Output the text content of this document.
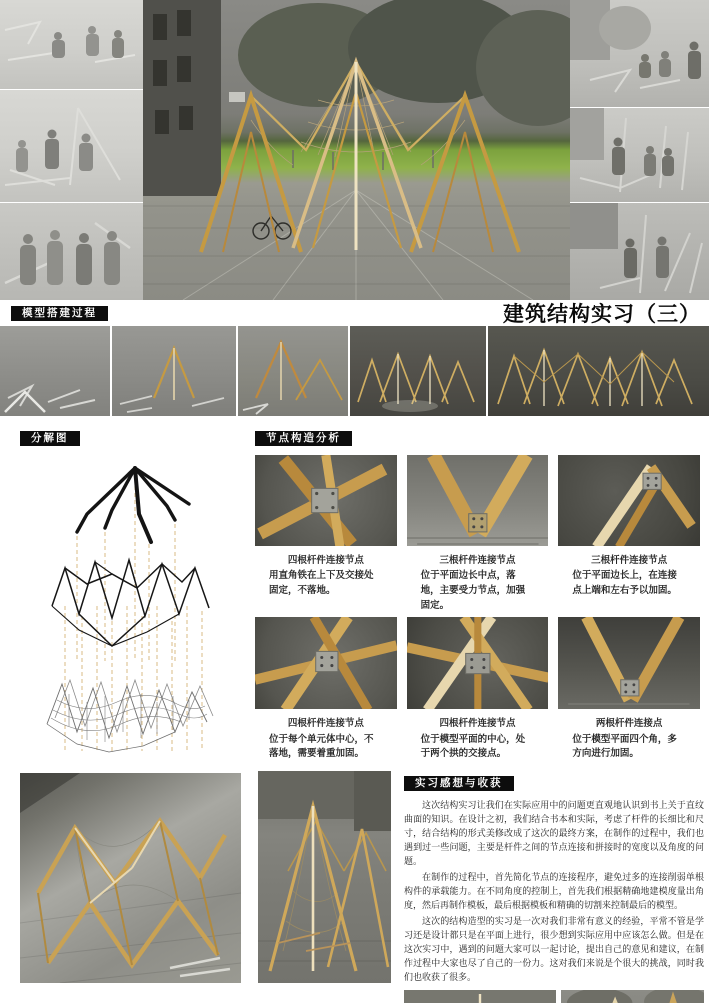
模型搭建过程	建筑结构实习（三）
分解图	节点构造分析
四根杆件连接节点
用直角铁在上下及交接处固定，不落地。
三根杆件连接节点
位于平面边长中点，落地，主要受力节点，加强固定。
三根杆件连接节点
位于平面边长上，在连接点上端和左右予以加固。
四根杆件连接节点
位于每个单元体中心，不落地，需要着重加固。
四根杆件连接节点
位于模型平面的中心，处于两个拱的交接点。
两根杆件连接点
位于模型平面四个角，多方向进行加固。
实习感想与收获

这次结构实习让我们在实际应用中的问题更直观地认识到书上关于直纹曲面的知识。在设计之初，我们结合书本和实际，考虑了杆件的长细比和尺寸，结合结构的形式美修改成了这次的最终方案，在制作的过程中，我们也遇到过一些问题，主要是杆件之间的节点连接和拼接时的宽度以及角度的问题。

在制作的过程中，首先简化节点的连接程序，避免过多的连接削弱单根构件的承载能力。在不同角度的控制上，首先我们根据精确地建模度量出角度，然后再制作模板，最后根据模板和精确的切割来控制最后的模型。

这次的结构造型的实习是一次对我们非常有意义的经验，平常不管是学习还是设计都只是在平面上进行，很少想到实际应用中应该怎么做。但是在这次实习中，遇到的问题大家可以一起讨论，提出自己的意见和建议，在制作过程中大家也尽了自己的一份力。这对我们来说是个很大的挑战，同时我们也收获了很多。
